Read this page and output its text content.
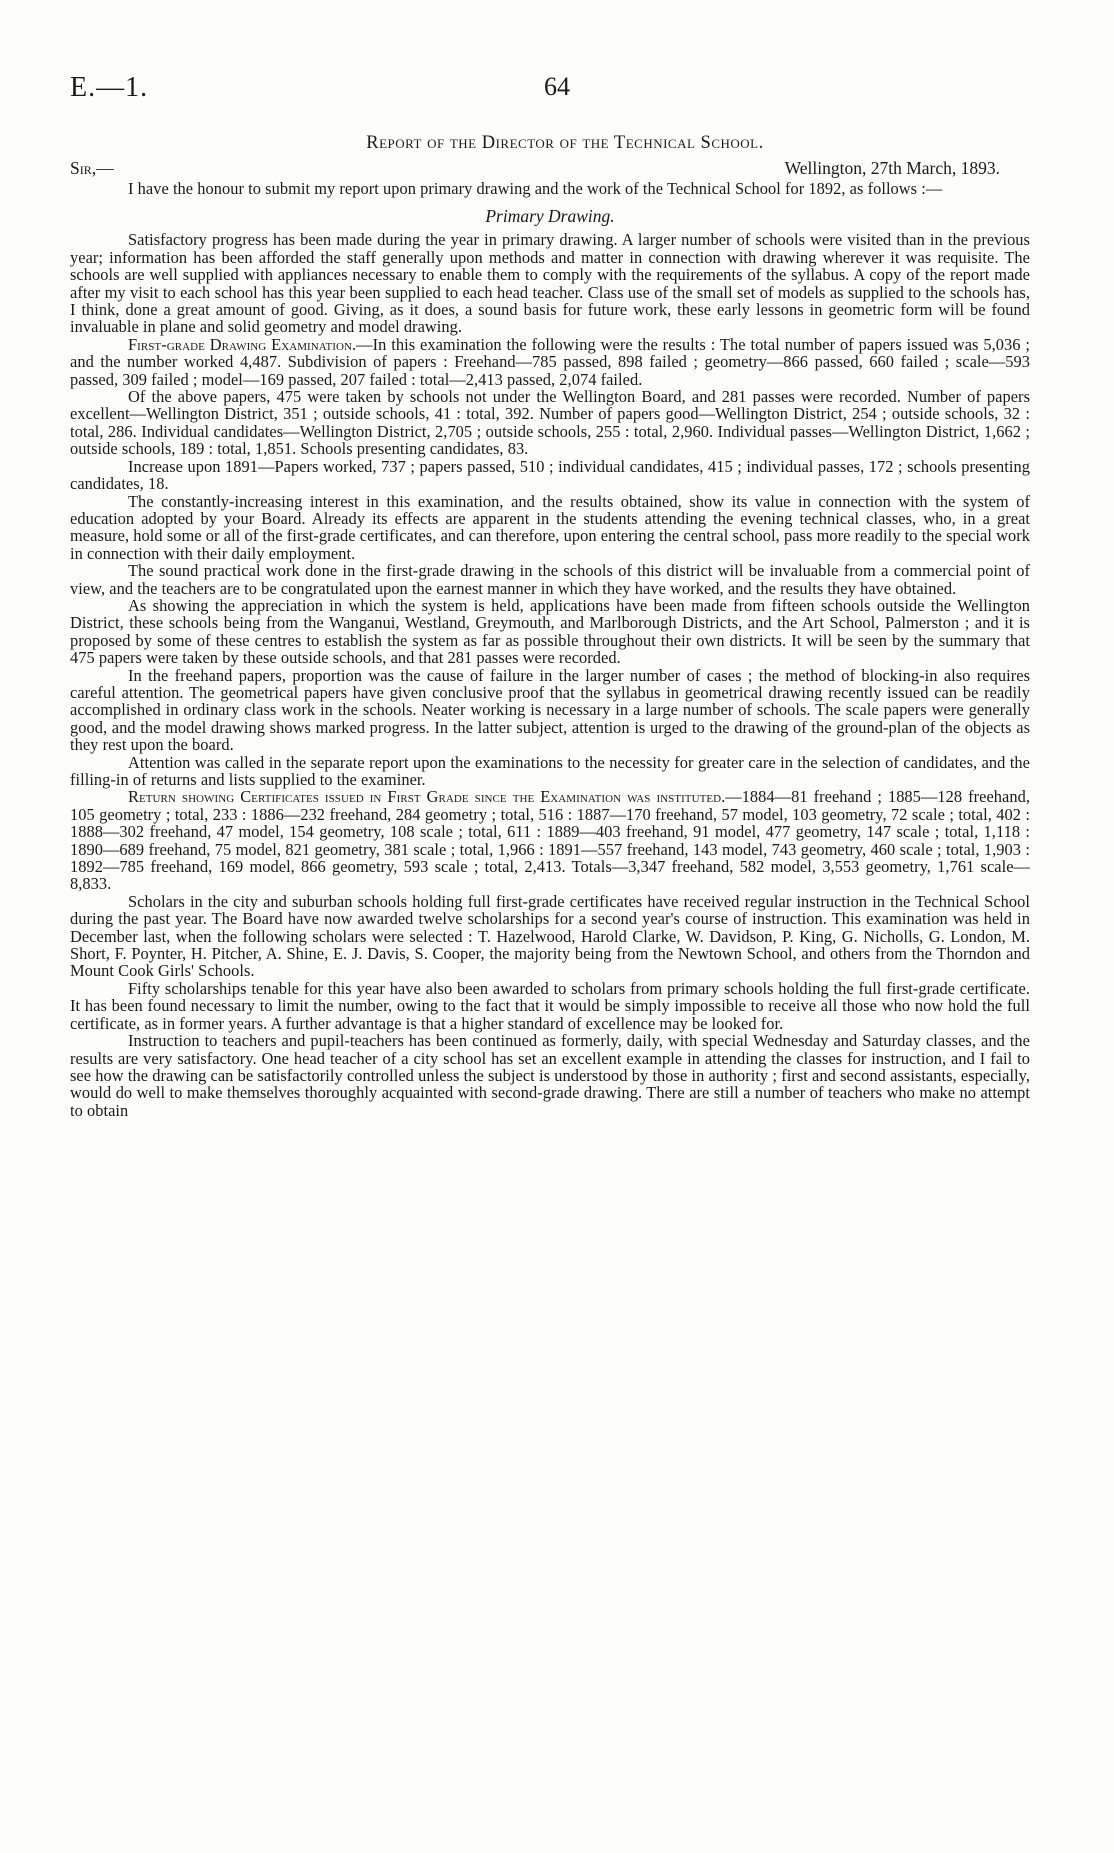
E.—1.	64
Report of the Director of the Technical School.
Sir,—	Wellington, 27th March, 1893.

I have the honour to submit my report upon primary drawing and the work of the Technical School for 1892, as follows :—

Primary Drawing.

Satisfactory progress has been made during the year in primary drawing. A larger number of schools were visited than in the previous year; information has been afforded the staff generally upon methods and matter in connection with drawing wherever it was requisite. The schools are well supplied with appliances necessary to enable them to comply with the requirements of the syllabus. A copy of the report made after my visit to each school has this year been supplied to each head teacher. Class use of the small set of models as supplied to the schools has, I think, done a great amount of good. Giving, as it does, a sound basis for future work, these early lessons in geometric form will be found invaluable in plane and solid geometry and model drawing.

First-grade Drawing Examination.—In this examination the following were the results : The total number of papers issued was 5,036 ; and the number worked 4,487. Subdivision of papers : Freehand—785 passed, 898 failed ; geometry—866 passed, 660 failed ; scale—593 passed, 309 failed ; model—169 passed, 207 failed : total—2,413 passed, 2,074 failed.

Of the above papers, 475 were taken by schools not under the Wellington Board, and 281 passes were recorded. Number of papers excellent—Wellington District, 351 ; outside schools, 41 : total, 392. Number of papers good—Wellington District, 254 ; outside schools, 32 : total, 286. Individual candidates—Wellington District, 2,705 ; outside schools, 255 : total, 2,960. Individual passes—Wellington District, 1,662 ; outside schools, 189 : total, 1,851. Schools presenting candidates, 83.

Increase upon 1891—Papers worked, 737 ; papers passed, 510 ; individual candidates, 415 ; individual passes, 172 ; schools presenting candidates, 18.

The constantly-increasing interest in this examination, and the results obtained, show its value in connection with the system of education adopted by your Board. Already its effects are apparent in the students attending the evening technical classes, who, in a great measure, hold some or all of the first-grade certificates, and can therefore, upon entering the central school, pass more readily to the special work in connection with their daily employment.

The sound practical work done in the first-grade drawing in the schools of this district will be invaluable from a commercial point of view, and the teachers are to be congratulated upon the earnest manner in which they have worked, and the results they have obtained.

As showing the appreciation in which the system is held, applications have been made from fifteen schools outside the Wellington District, these schools being from the Wanganui, Westland, Greymouth, and Marlborough Districts, and the Art School, Palmerston ; and it is proposed by some of these centres to establish the system as far as possible throughout their own districts. It will be seen by the summary that 475 papers were taken by these outside schools, and that 281 passes were recorded.

In the freehand papers, proportion was the cause of failure in the larger number of cases ; the method of blocking-in also requires careful attention. The geometrical papers have given conclusive proof that the syllabus in geometrical drawing recently issued can be readily accomplished in ordinary class work in the schools. Neater working is necessary in a large number of schools. The scale papers were generally good, and the model drawing shows marked progress. In the latter subject, attention is urged to the drawing of the ground-plan of the objects as they rest upon the board.

Attention was called in the separate report upon the examinations to the necessity for greater care in the selection of candidates, and the filling-in of returns and lists supplied to the examiner.

Return showing Certificates issued in First Grade since the Examination was instituted.—1884—81 freehand ; 1885—128 freehand, 105 geometry ; total, 233 : 1886—232 freehand, 284 geometry ; total, 516 : 1887—170 freehand, 57 model, 103 geometry, 72 scale ; total, 402 : 1888—302 freehand, 47 model, 154 geometry, 108 scale ; total, 611 : 1889—403 freehand, 91 model, 477 geometry, 147 scale ; total, 1,118 : 1890—689 freehand, 75 model, 821 geometry, 381 scale ; total, 1,966 : 1891—557 freehand, 143 model, 743 geometry, 460 scale ; total, 1,903 : 1892—785 freehand, 169 model, 866 geometry, 593 scale ; total, 2,413. Totals—3,347 freehand, 582 model, 3,553 geometry, 1,761 scale—8,833.

Scholars in the city and suburban schools holding full first-grade certificates have received regular instruction in the Technical School during the past year. The Board have now awarded twelve scholarships for a second year's course of instruction. This examination was held in December last, when the following scholars were selected : T. Hazelwood, Harold Clarke, W. Davidson, P. King, G. Nicholls, G. London, M. Short, F. Poynter, H. Pitcher, A. Shine, E. J. Davis, S. Cooper, the majority being from the Newtown School, and others from the Thorndon and Mount Cook Girls' Schools.

Fifty scholarships tenable for this year have also been awarded to scholars from primary schools holding the full first-grade certificate. It has been found necessary to limit the number, owing to the fact that it would be simply impossible to receive all those who now hold the full certificate, as in former years. A further advantage is that a higher standard of excellence may be looked for.

Instruction to teachers and pupil-teachers has been continued as formerly, daily, with special Wednesday and Saturday classes, and the results are very satisfactory. One head teacher of a city school has set an excellent example in attending the classes for instruction, and I fail to see how the drawing can be satisfactorily controlled unless the subject is understood by those in authority ; first and second assistants, especially, would do well to make themselves thoroughly acquainted with second-grade drawing. There are still a number of teachers who make no attempt to obtain
